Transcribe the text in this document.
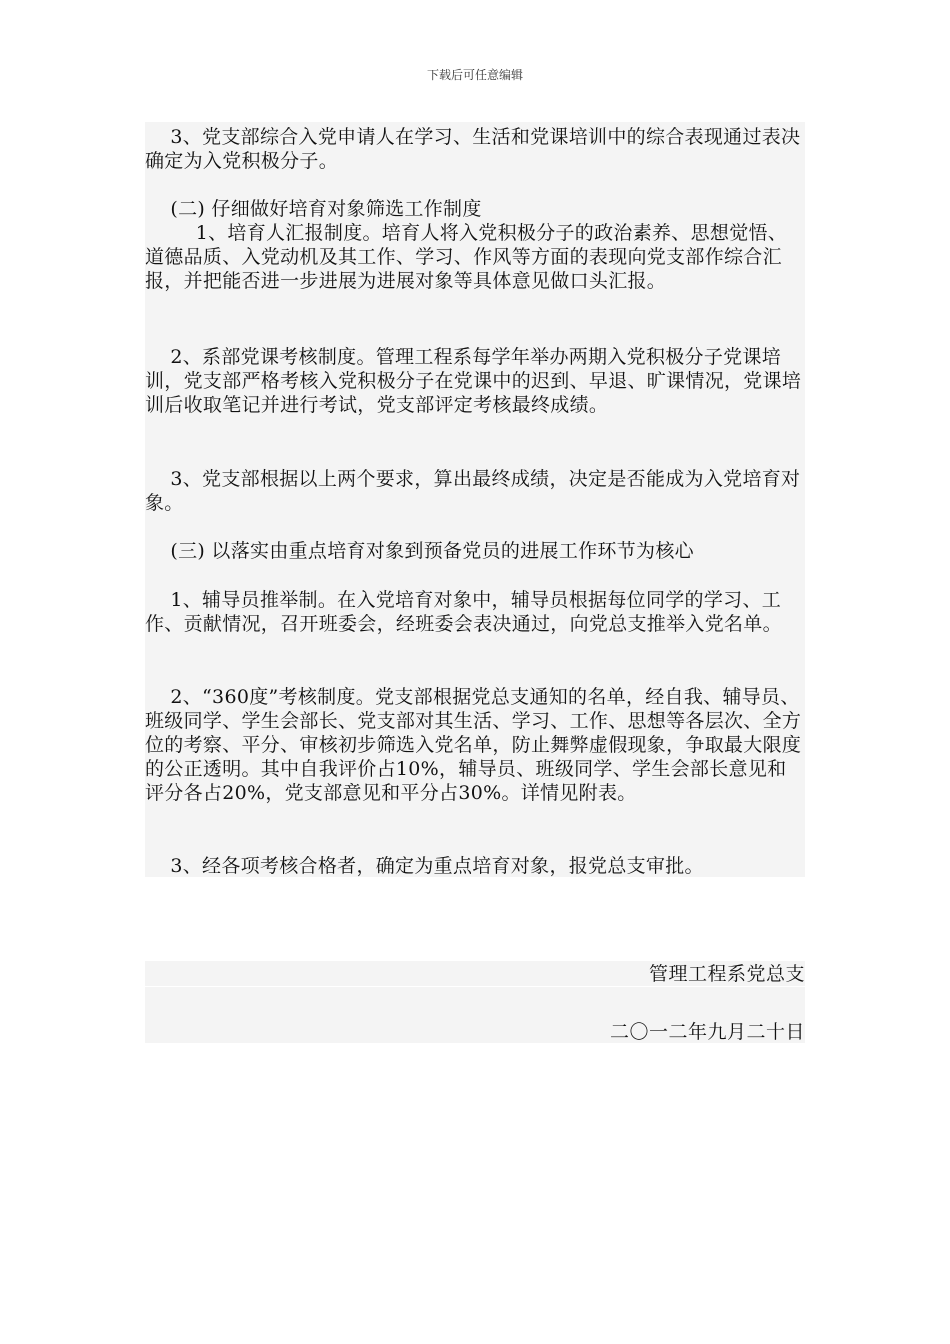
下载后可任意编辑

3、党支部综合入党申请人在学习、生活和党课培训中的综合表现通过表决确定为入党积极分子。

(二) 仔细做好培育对象筛选工作制度

1、培育人汇报制度。培育人将入党积极分子的政治素养、思想觉悟、道德品质、入党动机及其工作、学习、作风等方面的表现向党支部作综合汇报，并把能否进一步进展为进展对象等具体意见做口头汇报。

2、系部党课考核制度。管理工程系每学年举办两期入党积极分子党课培训，党支部严格考核入党积极分子在党课中的迟到、早退、旷课情况，党课培训后收取笔记并进行考试，党支部评定考核最终成绩。

3、党支部根据以上两个要求，算出最终成绩，决定是否能成为入党培育对象。

(三) 以落实由重点培育对象到预备党员的进展工作环节为核心

1、辅导员推举制。在入党培育对象中，辅导员根据每位同学的学习、工作、贡献情况，召开班委会，经班委会表决通过，向党总支推举入党名单。

2、“360度”考核制度。党支部根据党总支通知的名单，经自我、辅导员、班级同学、学生会部长、党支部对其生活、学习、工作、思想等各层次、全方位的考察、平分、审核初步筛选入党名单，防止舞弊虚假现象，争取最大限度的公正透明。其中自我评价占10%，辅导员、班级同学、学生会部长意见和评分各占20%，党支部意见和平分占30%。详情见附表。

3、经各项考核合格者，确定为重点培育对象，报党总支审批。

管理工程系党总支
二〇一二年九月二十日
